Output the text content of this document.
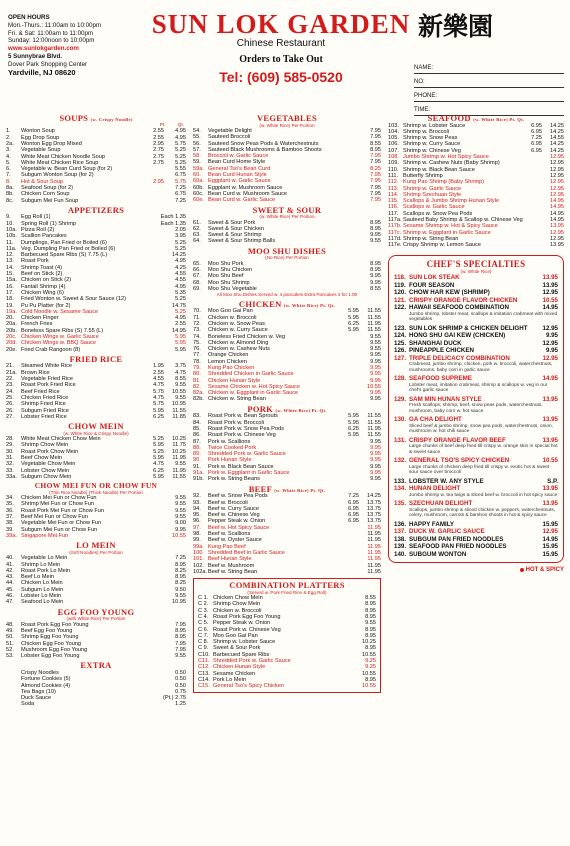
OPEN HOURS
Mon.-Thurs.: 11:00am to 10:00pm
Fri. & Sat: 11:00am to 11:00pm
Sunday: 12:00noon to 10:00pm
www.sunlokgarden.com
5 Sunnybrae Blvd.
Dover Park Shopping Center
Yardville, NJ 08620
SUN LOK GARDEN 新樂園
Chinese Restaurant
Orders to Take Out
Tel: (609) 585-0520
NAME:
NO:
PHONE:
TIME:
SOUPS (w. Crispy Noodle)
Pt.	Qt.
1.	Wonton Soup	2.55	4.95
2.	Egg Drop Soup	2.55	4.95
2a.	Wonton Egg Drop Mixed	2.95	5.75
3.	Vegetable Soup	2.75	5.25
4.	White Meat Chicken Noodle Soup	2.75	5.25
5.	White Meat Chicken Rice Soup	2.75	5.25
6.	Vegetable w. Bean Curd Soup (for 2)	5.55
7.	Subgum Wonton Soup (for 2)	6.75
8.	Hot & Sour Soup	2.95	5.75
8a.	Seafood Soup (for 2)	7.25
8b.	Chicken Corn Soup	6.75
8c.	Subgum Mei Fun Soup	7.25
APPETIZERS
9.	Egg Roll (1)	Each 1.35
10.	Spring Roll (1) Shrimp	Each 1.35
10a. Pizza Roll (2)	2.05
10b. Scallion Pancakes	3.95
11.	Dumplings, Pan Fried or Boiled (6)	5.25
11a. Veg. Dumpling Pan Fried or Boiled (6)	5.25
12.	Barbecued Spare Ribs (S) 7.75 (L)	14.25
13.	Roast Pork	4.95
14.	Shrimp Toast (4)	4.25
15.	Beef on Stick (2)	4.55
15a. Chicken on Stick (2)	4.55
16.	Fantail Shrimp (4)	4.95
17.	Chicken Wing (6)	5.35
18.	Fried Wonton w. Sweet & Sour Sauce (12)	5.25
19.	Pu Pu Platter (for 2)	14.75
19a. Cold Noodle w. Sesame Sauce	5.25
20.	Chicken Finger	4.95
20a. French Fries	2.55
20b. Boneless Spare Ribs (S) 7.55 (L)	14.95
20c. Chicken Wings w. Garlic Sauce	5.95
20d. Chicken Wings w. BBQ Sauce	5.95
20e. Fried Crab Rangoon (8)	5.95
FRIED RICE
21.	Steamed White Rice	1.95	3.75
21a. Brown Rice	2.55	4.75
22.	Vegetable Fried Rice	4.55	8.55
23.	Roast Pork Fried Rice	4.75	9.55
24.	Beef Fried Rice	5.75	10.55
25.	Chicken Fried Rice	4.75	9.55
26.	Shrimp Fried Rice	5.75	10.95
26.	Subgum Fried Rice	5.95	11.55
27.	Lobster Fried Rice	6.25	11.85
CHOW MEIN
(w. White Rice & Crispy Noodle)
28.	White Meat Chicken Chow Mein	5.25	10.25
29.	Shrimp Chow Mein	5.95	11.75
30.	Roast Pork Chow Mein	5.25	10.25
31.	Beef Chow Mein	5.95	11.95
32.	Vegetable Chow Mein	4.75	9.55
33.	Lobster Chow Mein	6.25	11.95
33a. Subgum Chow Mein	5.95	11.55
CHOW MEI FUN OR CHOW FUN
(Thin Rice Noodle) (Thick Noodle) Per Portion
34.	Chicken Mei Fun or Chow Fun	9.55
35.	Shrimp Mei Fun or Chow Fun	9.55
36.	Roast Pork Mei Fun or Chow Fun	9.55
37.	Beef Mei Fun or Chow Fun	9.55
38.	Vegetable Mei Fun or Chow Fun	9.00
39.	Subgum Mei Fun or Chow Fun	9.95
39a. Singapore Mei Fun	10.55
LO MEIN
(Soft Noodles) Per Portion
40.	Vegetable Lo Mein	7.25
41.	Shrimp Lo Mein	8.95
42.	Roast Pork Lo Mein	8.25
43.	Beef Lo Mein	8.95
44.	Chicken Lo Mein	8.25
45.	Subgum Lo Mein	9.50
46.	Lobster Lo Mein	9.55
47.	Seafood Lo Mein	10.95
EGG FOO YOUNG
(with White Rice) Per Portion
48.	Roast Pork Egg Foo Young	7.95
49.	Beef Egg Foo Young	8.95
50.	Shrimp Egg Foo Young	8.95
51.	Chicken Egg Foo Young	7.95
52.	Mushroom Egg Foo Young	7.95
53.	Lobster Egg Foo Young	9.55
EXTRA
Crispy Noodles	0.50
Fortune Cookies (5)	0.50
Almond Cookies (4)	0.50
Tea Bags (10)	0.75
Duck Sauce	(Pt.) 2.75
Soda	1.25
VEGETABLES
(w. White Rice) Per Portion
54.	Vegetable Delight	7.95
55.	Sauteed Broccoli	7.95
56.	Sauteed Snow Peas Pods & Waterchestnuts	8.55
57.	Sauteed Black Mushrooms & Bamboo Shoots	8.95
58.	Broccoli w. Garlic Sauce	7.95
59.	Bean Curd Home Style	7.95
59a. General Tso's Bean Curd	8.25
60.	Bean Curd Hunan Style	7.95
60a. Eggplant w. Garlic Sauce	7.95
60b. Eggplant w. Mushroom Sauce	7.95
60c. Bean Curd w. Mushroom Sauce	7.95
60e. Bean Curd w. Garlic Sauce	7.95
SWEET & SOUR
(w. White Rice) Per Portion
61.	Sweet & Sour Pork	8.95
62.	Sweet & Sour Chicken	8.95
63.	Sweet & Sour Shrimp	9.95
64.	Sweet & Sour Shrimp Balls	9.55
MOO SHU DISHES
(No Rice) Per Portion
65.	Moo Shu Pork	8.95
66.	Moo Shu Chicken	8.95
67.	Moo Shu Beef	9.95
68.	Moo Shu Shrimp	9.95
69.	Moo Shu Vegetable	8.55
All Moo Shu Dishes Served w. 4 pancakes Extra Pancakes 4 for 1.00
CHICKEN (w. White Rice) Pt. Qt.
70.	Moo Goo Gai Pan	5.95	11.55
71.	Chicken w. Broccoli	5.95	11.55
72.	Chicken w. Snow Peas	6.25	11.95
73.	Chicken w. Curry Sauce	5.95	11.55
74.	Boneless Fried Chicken w. Veg	9.55
75.	Chicken w. Almond Ding	9.55
76.	Chicken w. Cashew Nuts	9.55
77.	Orange Chicken	9.95
78.	Lemon Chicken	9.95
79.	Kung Pao Chicken	9.95
80.	Shredded Chicken in Garlic Sauce	9.95
81.	Chicken Hunan Style	9.95
82.	Sesame Chicken w. Hot Spicy Sauce	10.55
82a. Chicken w. Eggplant in Garlic Sauce	9.95
82b. Chicken w. String Bean	9.95
PORK (w. White Rice) Pt. Qt.
83.	Roast Pork w. Bean Sprouts	5.95	11.55
84.	Roast Pork w. Broccoli	5.95	11.55
85.	Roast Pork w. Snow Pea Pods	6.25	11.95
86.	Roast Pork w. Chinese Veg	5.95	11.55
87.	Pork w. Scallions	9.95
88.	Twice Cooked Pork	9.95
89.	Shredded Pork w. Garlic Sauce	9.95
90.	Pork Hunan Style	9.95
91.	Pork w. Black Bean Sauce	9.95
91a. Pork w. Eggplant in Garlic Sauce	9.95
91b. Pork w. String Beans	9.95
BEEF (w. White Rice) Pt. Qt.
92.	Beef w. Snow Pea Pods	7.25	14.25
93.	Beef w. Broccoli	6.95	13.75
94.	Beef w. Curry Sauce	6.95	13.75
95.	Beef w. Chinese Veg	6.95	13.75
96.	Pepper Steak w. Onion	6.95	13.75
97.	Beef w. Hot Spicy Sauce	11.95
98.	Beef w. Scallions	11.95
99.	Beef w. Oyster Sauce	11.95
99a. Kung Pao Beef	11.95
100. Shredded Beef in Garlic Sauce	11.95
101. Beef Hunan Style	11.95
102. Beef w. Mushroom	11.95
102a. Beef w. String Bean	11.95
COMBINATION PLATTERS
(Served w. Pork Fried Rice & Egg Roll)
C 1. Chicken Chow Mein	8.55
C 2. Shrimp Chow Mein	8.95
C 3. Chicken w. Broccoli	8.95
C 4. Roast Pork Egg Foo Young	8.95
C 5. Pepper Steak w. Onion	9.55
C 6. Roast Pork w. Chinese Veg	8.95
C 7. Moo Goo Gai Pan	8.95
C 8. Shrimp w. Lobster Sauce	10.25
C 9. Sweet & Sour Pork	8.95
C10. Barbecued Spare Ribs	10.55
C11. Shredded Pork w. Garlic Sauce	9.25
C12. Chicken Hunan Style	9.25
C13. Sesame Chicken	10.55
C14. Pork Lo Mein	8.95
C15. General Tso's Spicy Chicken	10.55
SEAFOOD (w. White Rice) Pt. Qt.
103. Shrimp w. Lobster Sauce	6.95	14.25
104. Shrimp w. Broccoli	6.95	14.25
105. Shrimp w. Snow Peas	7.25	14.55
106. Shrimp w. Curry Sauce	6.95	14.25
107. Shrimp w. Chinese Veg	6.95	14.25
108. Jumbo Shrimp w. Hot Spicy Sauce	12.95
109. Shrimp w. Cashew Nuts (Baby Shrimp)	12.95
110. Shrimp w. Black Bean Sauce	12.95
111. Butterfly Shrimp	12.95
112. Kung Pao Shrimp (Baby Shrimp)	12.95
113. Shrimp w. Garlic Sauce	12.95
114. Shrimp Szechuan Style	12.95
115. Scallops & Jumbo Shrimp Hunan Style	14.95
116. Scallops w. Garlic Sauce	14.95
117. Scallops w. Snow Pea Pods	14.95
117a. Sauteed Baby Shrimp & Scallop w. Chinese Veg	14.95
117b. Sesame Shrimp w. Hot & Spicy Sauce	13.95
117c. Shrimp w. Eggplant in Garlic Sauce	12.95
117d. Shrimp w. String Bean	12.95
117e. Crispy Shrimp w. Lemon Sauce	13.95
CHEF'S SPECIALTIES
(w. White Rice)
118. SUN LOK STEAK	13.95
119. FOUR SEASON	13.95
120. CHOW HAR KEW (SHRIMP)	12.95
121. CRISPY ORANGE FLAVOR CHICKEN	10.55
122. HAWAII SEAFOOD COMBINATION	14.95
Jumbo shrimp, lobster meat, scallops & imitation crabmeat with mixed vegetables
123. SUN LOK SHRIMP & CHICKEN DELIGHT	12.95
124. HONG SHU GAI KEW (CHICKEN)	9.95
125. SHANGHAI DUCK	12.95
126. PINEAPPLE CHICKEN	9.95
127. TRIPLE DELICACY COMBINATION	12.95
Crabmeat, jumbo shrimp, chicken, pork w. broccoli, waterchestnuts, mushrooms, baby corn in garlic sauce
128. SEAFOOD SUPREME	14.95
Lobster meat, imitation crabmeat, shrimp & scallops w. veg in our chef's garlic sauce
129. SAM MIN HUNAN STYLE	13.95
Fresh scallops, shrimp, beef, snow peas pods, waterchestnuts, mushroom, baby corn w. hot sauce
130. GA CHA DELIGHT	13.95
Sliced beef & jumbo shrimp, snow pea pods, waterchestnuts, onion, mushroom w. hot chili sauce
131. CRISPY ORANGE FLAVOR BEEF	13.95
Large chunks of beef deep fried till crispy w. orange skin in special hot & sweet sauce
132. GENERAL TSO'S SPICY CHICKEN	10.55
Large chunks of chicken deep fried till crispy w. exotic hot & sweet sour sauce over broccoli
133. LOBSTER W. ANY STYLE	S.P.
134. HUNAN DELIGHT	13.95
Jumbo shrimp w. tea twigs & sliced beef w. broccoli in hot spicy sauce
135. SZECHUAN DELIGHT	13.95
Scallops, jumbo shrimp & sliced chicken w. peppers, waterchestnuts, celery, mushroom, carrots & bamboo shoots in hot & spicy sauce
136. HAPPY FAMILY	15.95
137. DUCK W. GARLIC SAUCE	12.95
138. SUBGUM PAN FRIED NOODLES	14.95
139. SEAFOOD PAN FRIED NOODLES	15.95
140. SUBGUM WONTON	15.95
HOT & SPICY
